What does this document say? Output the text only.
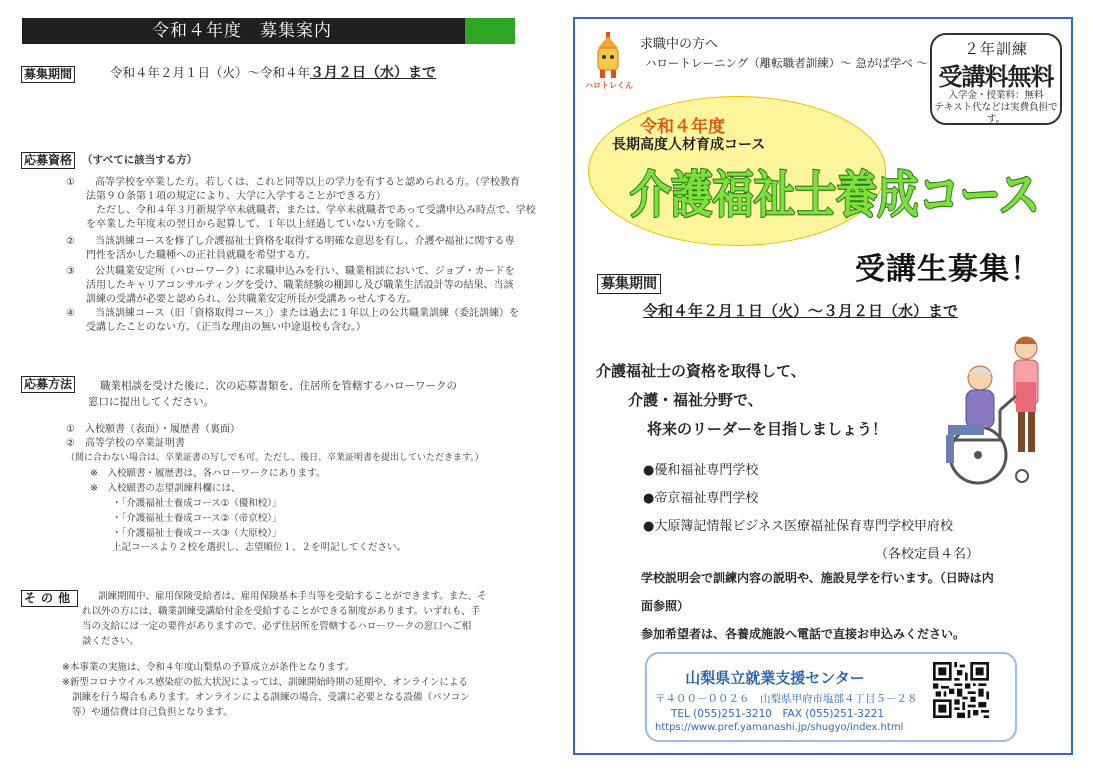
令和４年度　募集案内
募集期間	令和４年２月１日（火）～令和４年３月２日（水）まで
応募資格 （すべてに該当する方）
①　　高等学校を卒業した方。若しくは、これと同等以上の学力を有すると認められる方。（学校教育
法第９０条第１項の規定により、大学に入学することができる方）
ただし、令和４年３月新規学卒未就職者、または、学卒未就職者であって受講申込み時点で、学校
を卒業した年度末の翌日から起算して、１年以上経過していない方を除く。
②　　当該訓練コースを修了し介護福祉士資格を取得する明確な意思を有し、介護や福祉に関する専
門性を活かした職種への正社員就職を希望する方。
③　　公共職業安定所（ハローワーク）に求職申込みを行い、職業相談において、ジョブ・カードを
活用したキャリアコンサルティングを受け、職業経験の棚卸し及び職業生活設計等の結果、当該
訓練の受講が必要と認められ、公共職業安定所長が受講あっせんする方。
④　　当該訓練コース（旧「資格取得コース」）または過去に１年以上の公共職業訓練（委託訓練）を
受講したことのない方。（正当な理由の無い中途退校も含む。）
応募方法	職業相談を受けた後に、次の応募書類を、住居所を管轄するハローワークの
窓口に提出してください。
①　入校願書（表面）・履歴書（裏面）
②　高等学校の卒業証明書
（間に合わない場合は、卒業証書の写しでも可。ただし、後日、卒業証明書を提出していただきます。）
※　入校願書・履歴書は、各ハローワークにあります。
※　入校願書の志望訓練科欄には、
・「介護福祉士養成コース①（優和校）」
・「介護福祉士養成コース②（帝京校）」
・「介護福祉士養成コース③（大原校）」
上記コースより２校を選択し、志望順位１、２を明記してください。
その他	訓練期間中、雇用保険受給者は、雇用保険基本手当等を受給することができます。また、そ
れ以外の方には、職業訓練受講給付金を受給することができる制度があります。いずれも、手
当の支給には一定の要件がありますので、必ず住居所を管轄するハローワークの窓口へご相
談ください。
※本事業の実施は、令和４年度山梨県の予算成立が条件となります。
※新型コロナウイルス感染症の拡大状況によっては、訓練開始時期の延期や、オンラインによる
訓練を行う場合もあります。オンラインによる訓練の場合、受講に必要となる設備（パソコン
等）や通信費は自己負担となります。
ハロトレくん
求職中の方へ
ハロートレーニング（離転職者訓練）～ 急がば学べ ～
２年訓練
受講料無料
入学金・授業料：無料
テキスト代などは実費負担です。
令和４年度
長期高度人材育成コース
介護福祉士養成コース
受講生募集！
募集期間
令和４年２月１日（火）～３月２日（水）まで
介護福祉士の資格を取得して、
介護・福祉分野で、
将来のリーダーを目指しましょう！
●優和福祉専門学校
●帝京福祉専門学校
●大原簿記情報ビジネス医療福祉保育専門学校甲府校
（各校定員４名）
学校説明会で訓練内容の説明や、施設見学を行います。（日時は内
面参照）
参加希望者は、各養成施設へ電話で直接お申込みください。
山梨県立就業支援センター
〒４００－００２６　山梨県甲府市塩部４丁目５－２８
TEL (055)251-3210　FAX (055)251-3221
https://www.pref.yamanashi.jp/shugyo/index.html
